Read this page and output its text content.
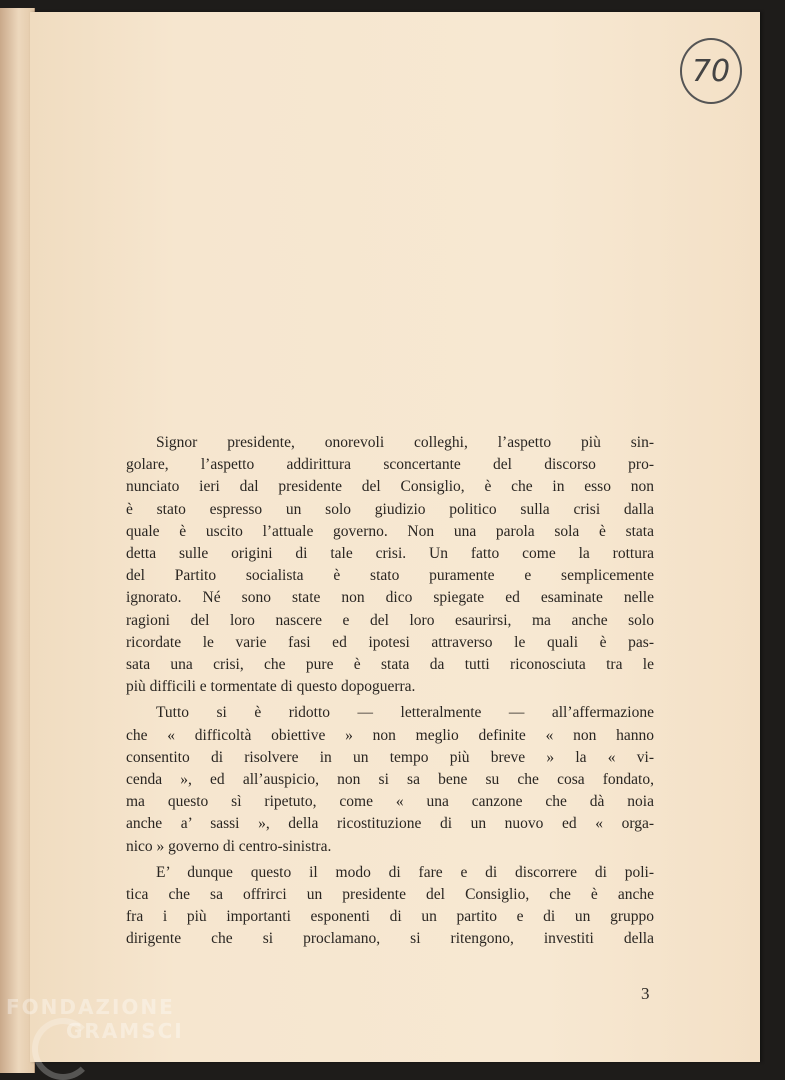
70

Signor presidente, onorevoli colleghi, l’aspetto più sin-
golare, l’aspetto addirittura sconcertante del discorso pro-
nunciato ieri dal presidente del Consiglio, è che in esso non
è stato espresso un solo giudizio politico sulla crisi dalla
quale è uscito l’attuale governo. Non una parola sola è stata
detta sulle origini di tale crisi. Un fatto come la rottura
del Partito socialista è stato puramente e semplicemente
ignorato. Né sono state non dico spiegate ed esaminate nelle
ragioni del loro nascere e del loro esaurirsi, ma anche solo
ricordate le varie fasi ed ipotesi attraverso le quali è pas-
sata una crisi, che pure è stata da tutti riconosciuta tra le
più difficili e tormentate di questo dopoguerra.

Tutto si è ridotto — letteralmente — all’affermazione
che « difficoltà obiettive » non meglio definite « non hanno
consentito di risolvere in un tempo più breve » la « vi-
cenda », ed all’auspicio, non si sa bene su che cosa fondato,
ma questo sì ripetuto, come « una canzone che dà noia
anche a’ sassi », della ricostituzione di un nuovo ed « orga-
nico » governo di centro-sinistra.

E’ dunque questo il modo di fare e di discorrere di poli-
tica che sa offrirci un presidente del Consiglio, che è anche
fra i più importanti esponenti di un partito e di un gruppo
dirigente che si proclamano, si ritengono, investiti della

3
FONDAZIONE
GRAMSCI
